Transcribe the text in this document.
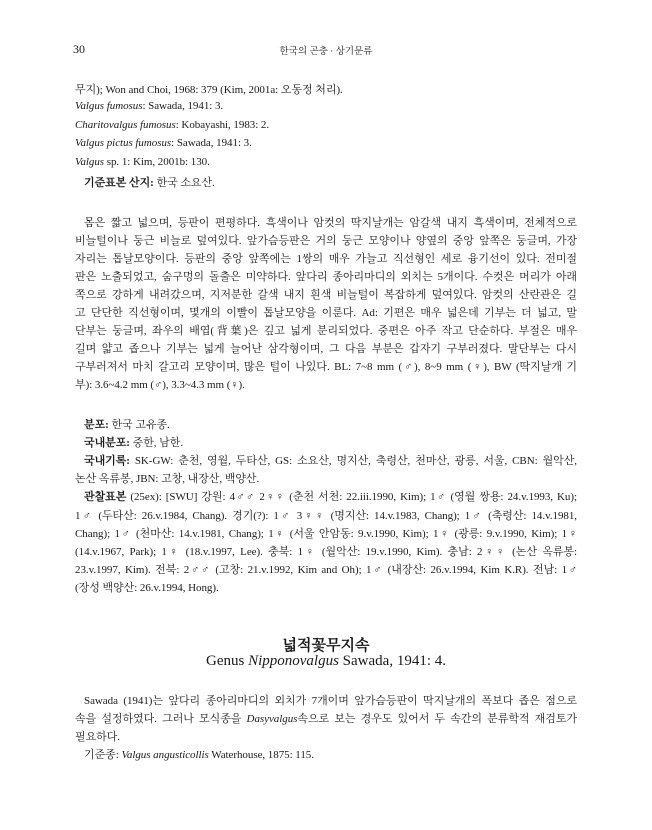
30	한국의 곤충 · 상기문류
무지); Won and Choi, 1968: 379 (Kim, 2001a: 오동정 처리).
Valgus fumosus: Sawada, 1941: 3.
Charitovalgus fumosus: Kobayashi, 1983: 2.
Valgus pictus fumosus: Sawada, 1941: 3.
Valgus sp. 1: Kim, 2001b: 130.
기준표본 산지: 한국 소요산.
몸은 짧고 넓으며, 등판이 편평하다. 흑색이나 암컷의 딱지날개는 암갈색 내지 흑색이며, 전체적으로
비늘털이나 둥근 비늘로 덮여있다. 앞가슴등판은 거의 둥근 모양이나 양옆의 중앙 앞쪽은 둥글며, 가장
자리는 톱날모양이다. 등판의 중앙 앞쪽에는 1쌍의 매우 가늘고 직선형인 세로 융기선이 있다. 전미절
판은 노출되었고, 숨구멍의 돌출은 미약하다. 앞다리 종아리마디의 외치는 5개이다. 수컷은 머리가 아래
쪽으로 강하게 내려갔으며, 지저분한 갈색 내지 흰색 비늘털이 복잡하게 덮여있다. 암컷의 산란관은 길
고 단단한 직선형이며, 몇개의 이빨이 톱날모양을 이룬다. Ad: 기편은 매우 넓은데 기부는 더 넓고, 말
단부는 둥글며, 좌우의 배엽(背葉)은 깊고 넓게 분리되었다. 중편은 아주 작고 단순하다. 부절은 매우
길며 얇고 좁으나 기부는 넓게 늘어난 삼각형이며, 그 다음 부분은 갑자기 구부러졌다. 말단부는 다시
구부러져서 마치 갈고리 모양이며, 많은 털이 나있다. BL: 7~8 mm (♂), 8~9 mm (♀), BW (딱지날개 기
부): 3.6~4.2 mm (♂), 3.3~4.3 mm (♀).
분포: 한국 고유종.
국내분포: 중한, 남한.
국내기록: SK-GW: 춘천, 영월, 두타산, GS: 소요산, 명지산, 축령산, 천마산, 광릉, 서울, CBN: 월악산,
논산 옥류봉, JBN: 고창, 내장산, 백양산.
관찰표본 (25ex): [SWU] 강원: 4♂♂ 2♀♀ (춘천 서천: 22.iii.1990, Kim); 1♂ (영월 쌍용: 24.v.1993, Ku);
1♂ (두타산: 26.v.1984, Chang). 경기(?): 1♂ 3♀♀ (명지산: 14.v.1983, Chang); 1♂ (축령산: 14.v.1981,
Chang); 1♂ (천마산: 14.v.1981, Chang); 1♀ (서울 안암동: 9.v.1990, Kim); 1♀ (광릉: 9.v.1990, Kim); 1♀
(14.v.1967, Park); 1♀ (18.v.1997, Lee). 충북: 1♀ (월악산: 19.v.1990, Kim). 충남: 2♀♀ (논산 옥류봉:
23.v.1997, Kim). 전북: 2♂♂ (고창: 21.v.1992, Kim and Oh); 1♂ (내장산: 26.v.1994, Kim K.R). 전남: 1♂
(장성 백양산: 26.v.1994, Hong).
넓적꽃무지속
Genus Nipponovalgus Sawada, 1941: 4.
Sawada (1941)는 앞다리 종아리마디의 외치가 7개이며 앞가슴등판이 딱지날개의 폭보다 좁은 점으로
속을 설정하였다. 그러나 모식종을 Dasyvalgus속으로 보는 경우도 있어서 두 속간의 분류학적 재검토가
필요하다.
기준종: Valgus angusticollis Waterhouse, 1875: 115.
